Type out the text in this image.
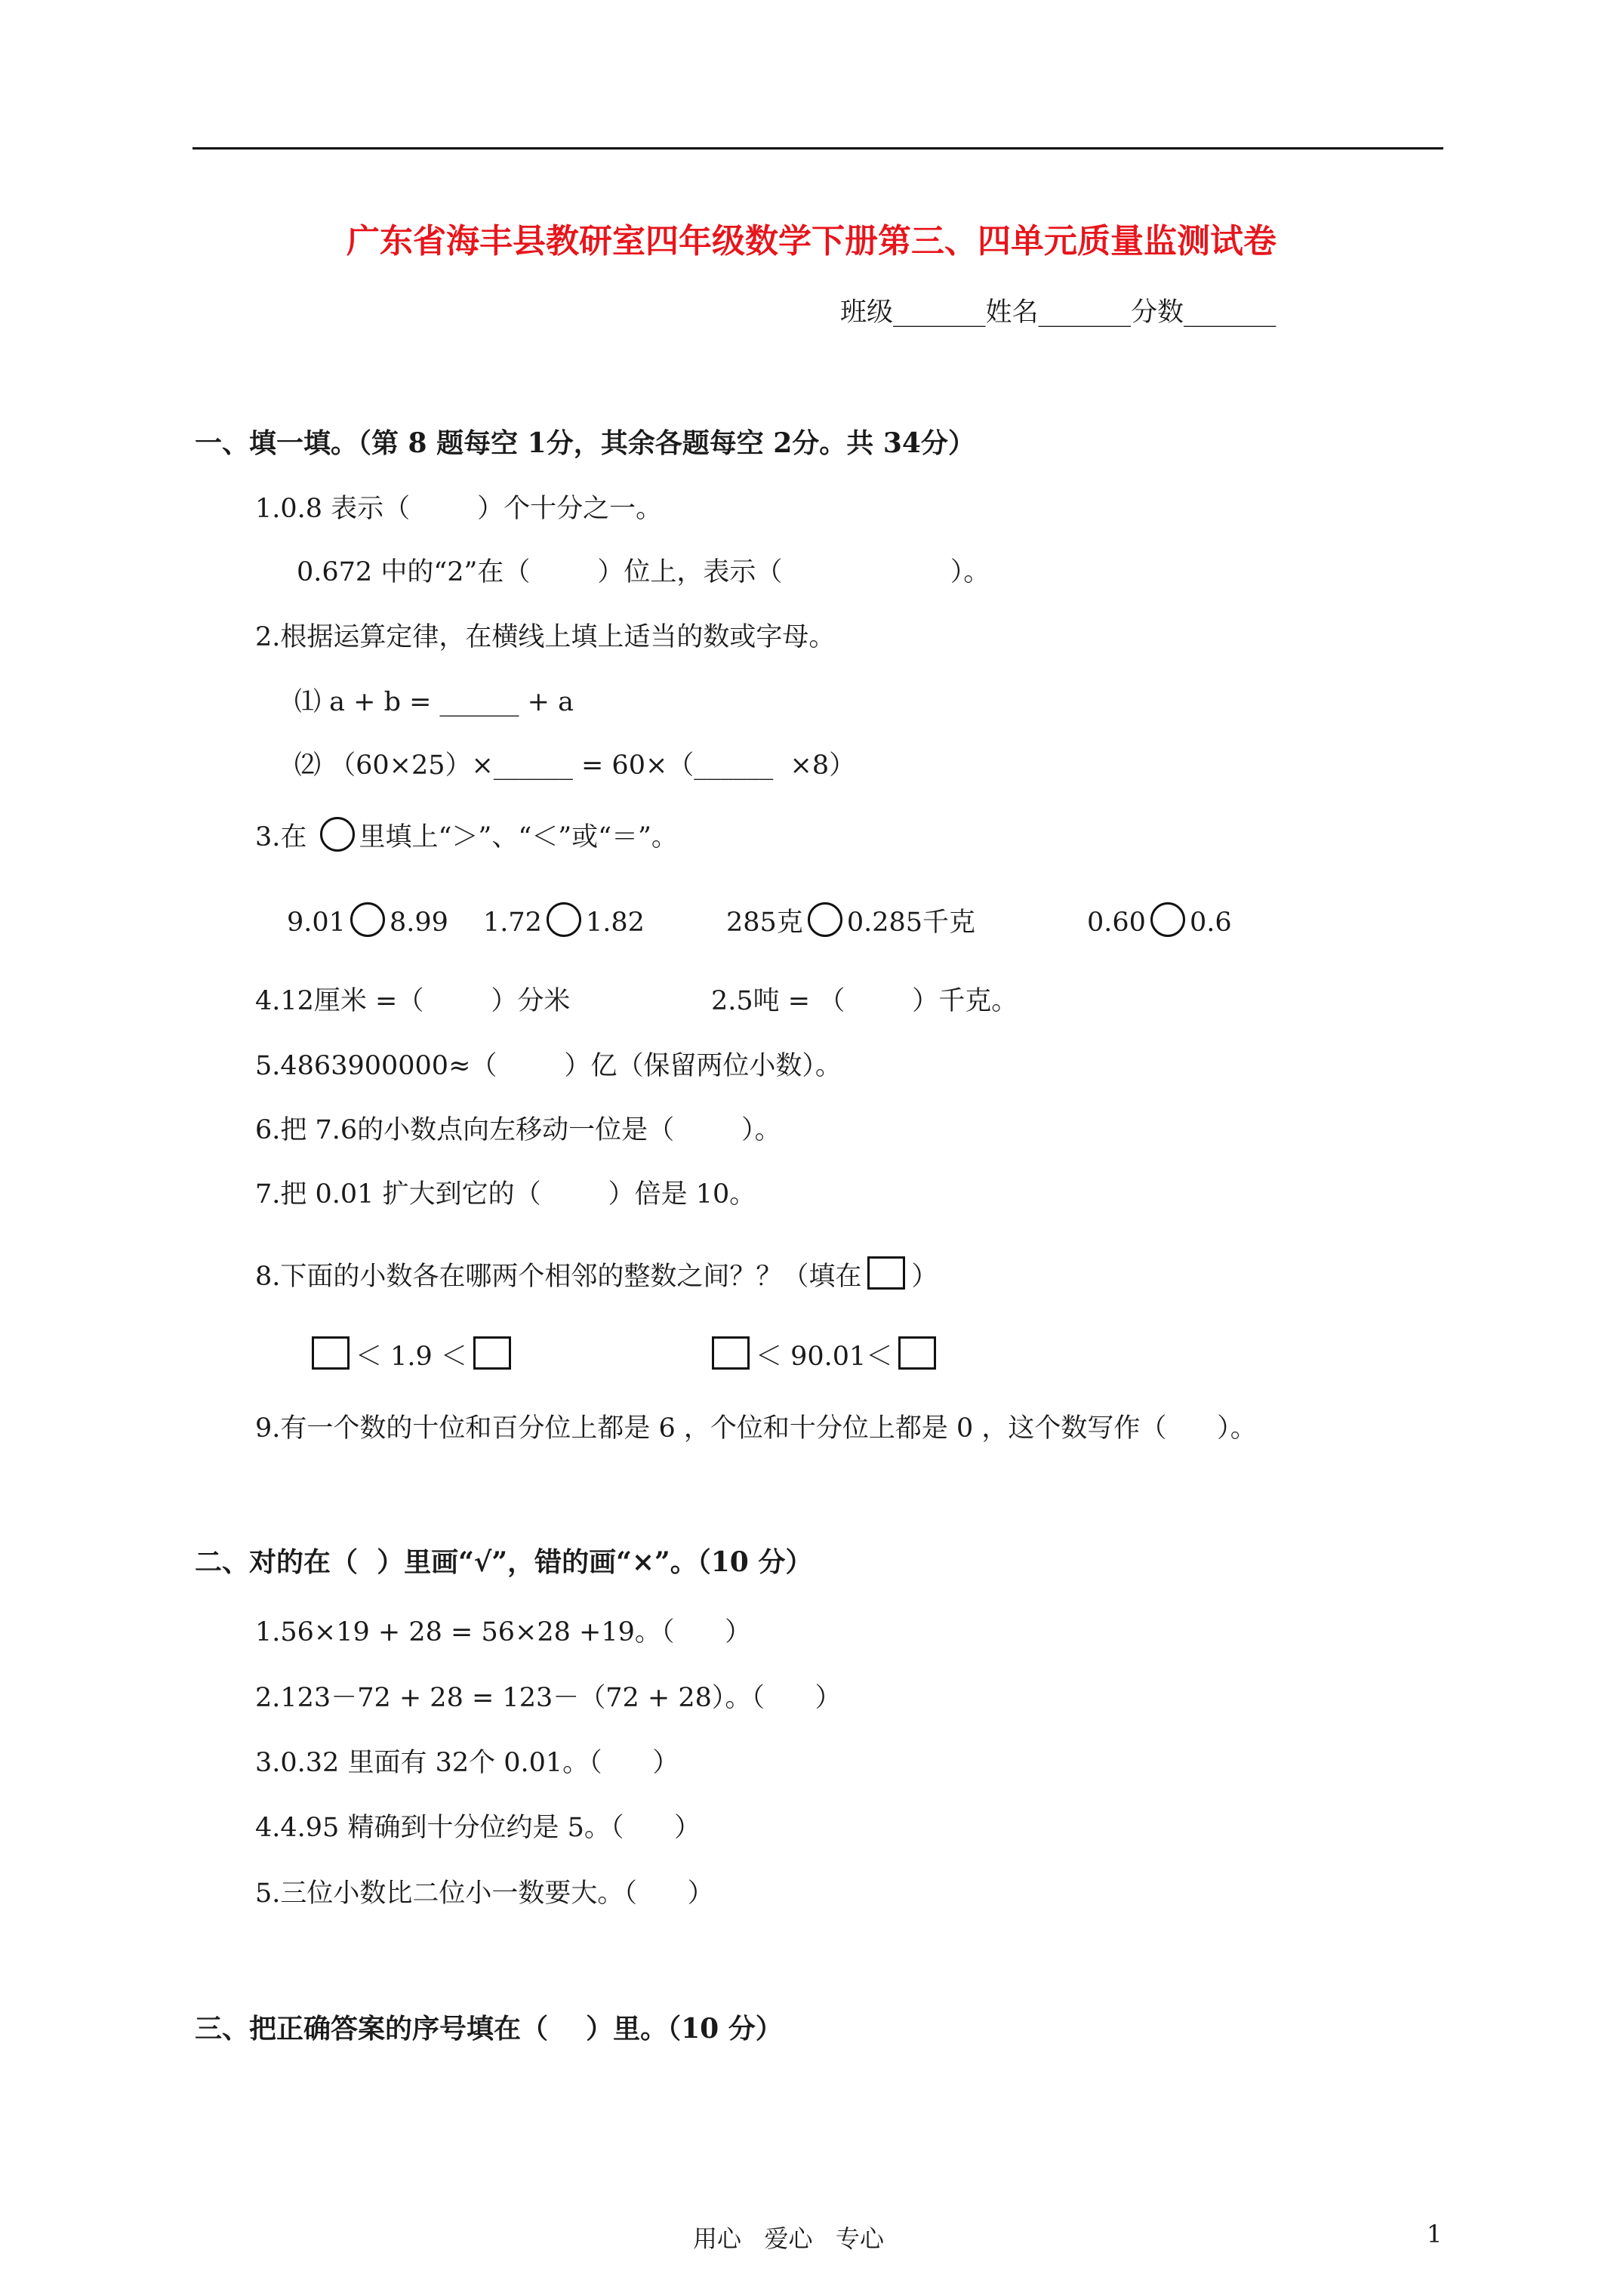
广东省海丰县教研室四年级数学下册第三、四单元质量监测试卷
班级_______姓名_______分数_______
一、填一填。（第 8 题每空 1分，其余各题每空 2分。共 34分）
1.0.8 表示（        ）个十分之一。
0.672 中的“2”在（        ）位上，表示（                    ）。
2.根据运算定律，在横线上填上适当的数或字母。
⑴ a + b = ______ + a
⑵ （60×25）×______ = 60×（______  ×8）
3.在 里填上“＞”、“＜”或“＝”。
9.01 8.99 1.72 1.82	285克 0.285千克	0.60 0.6
4.12厘米 =（        ）分米	2.5吨 = （        ）千克。
5.4863900000≈（        ）亿（保留两位小数）。
6.把 7.6的小数点向左移动一位是（        ）。
7.把 0.01 扩大到它的（        ）倍是 10。
8.下面的小数各在哪两个相邻的整数之间？？（填在 ）
＜ 1.9 ＜	＜ 90.01＜
9.有一个数的十位和百分位上都是 6 ，个位和十分位上都是 0 ，这个数写作（      ）。
二、对的在（  ）里画“√”，错的画“×”。（10 分）
1.56×19 + 28 = 56×28 +19。（      ）
2.123－72 + 28 = 123－（72 + 28）。（      ）
3.0.32 里面有 32个 0.01。（      ）
4.4.95 精确到十分位约是 5。（      ）
5.三位小数比二位小一数要大。（      ）
三、把正确答案的序号填在（    ）里。（10 分）
用心   爱心   专心	1
